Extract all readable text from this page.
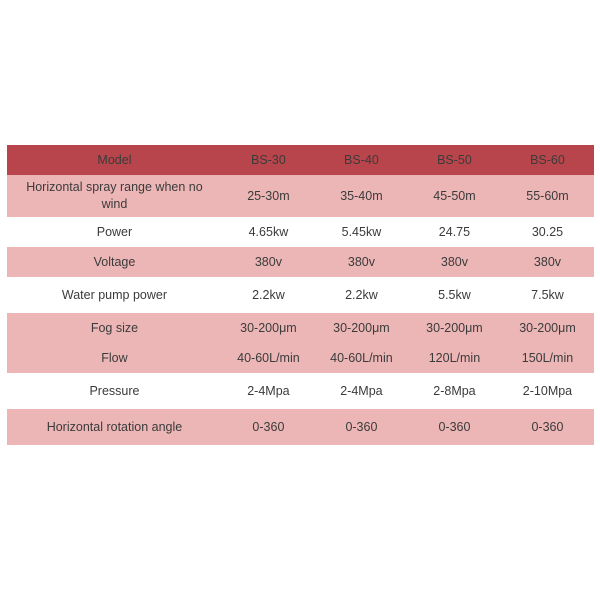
Model	BS-30	BS-40	BS-50	BS-60
Horizontal spray range when no wind	25-30m	35-40m	45-50m	55-60m
Power	4.65kw	5.45kw	24.75	30.25
Voltage	380v	380v	380v	380v
Water pump power	2.2kw	2.2kw	5.5kw	7.5kw
Fog size	30-200μm	30-200μm	30-200μm	30-200μm
Flow	40-60L/min	40-60L/min	120L/min	150L/min
Pressure	2-4Mpa	2-4Mpa	2-8Mpa	2-10Mpa
Horizontal rotation angle	0-360	0-360	0-360	0-360
